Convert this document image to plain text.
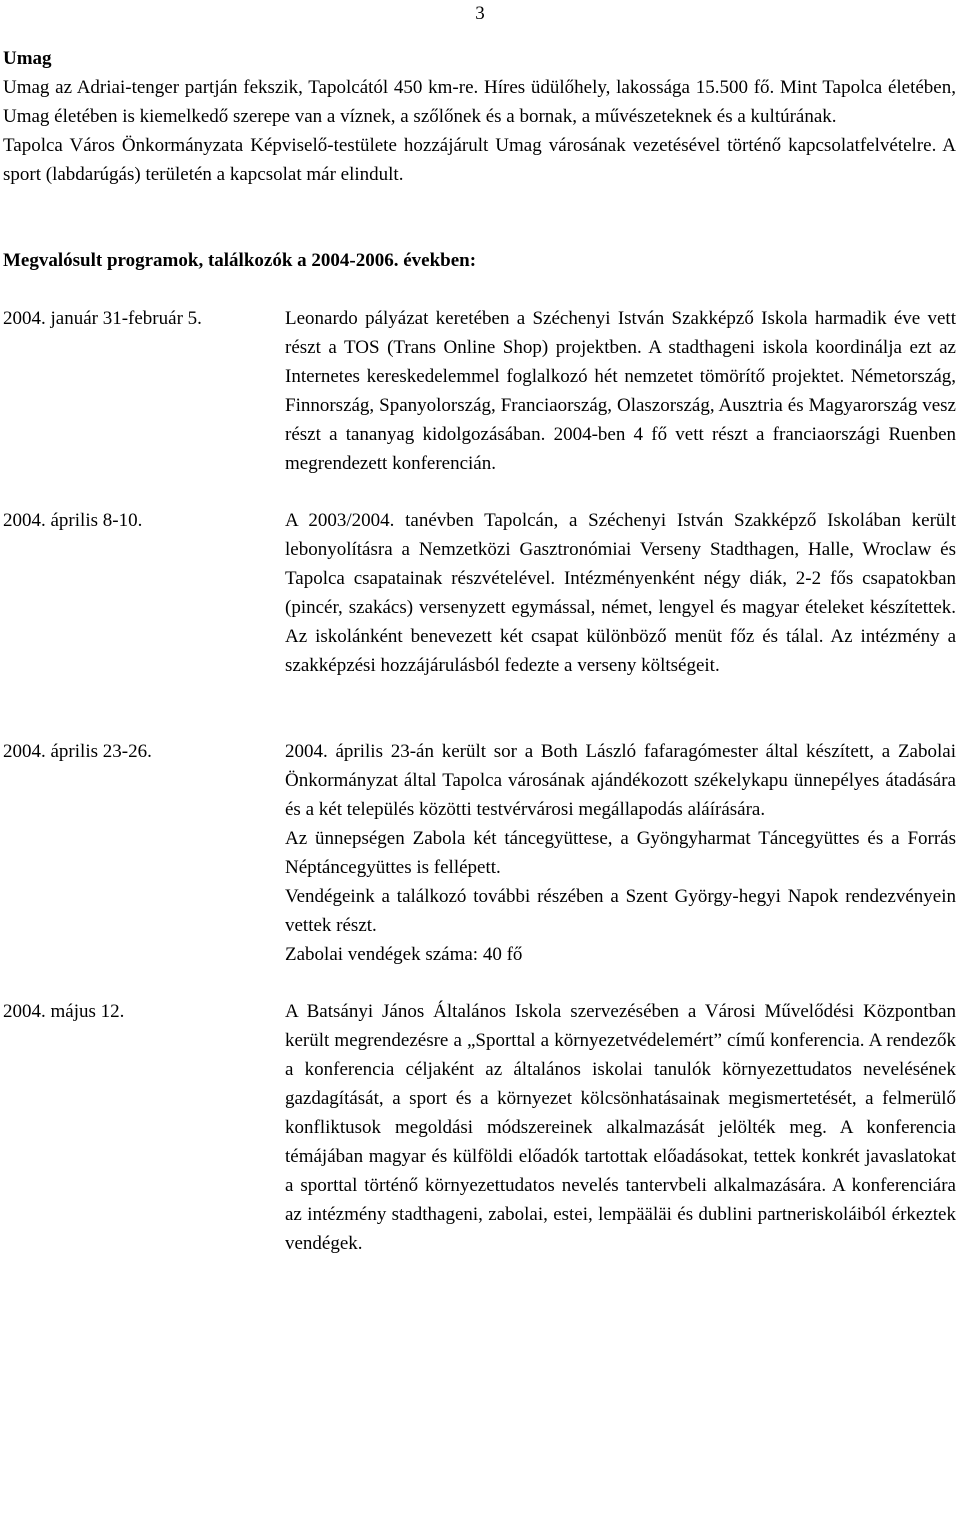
3
Umag

Umag az Adriai-tenger partján fekszik, Tapolcától 450 km-re. Híres üdülőhely, lakossága 15.500 fő. Mint Tapolca életében, Umag életében is kiemelkedő szerepe van a víznek, a szőlőnek és a bornak, a művészeteknek és a kultúrának.

Tapolca Város Önkormányzata Képviselő-testülete hozzájárult Umag városának vezetésével történő kapcsolatfelvételre. A sport (labdarúgás) területén a kapcsolat már elindult.

Megvalósult programok, találkozók a 2004-2006. években:
2004. január 31-február 5.	Leonardo pályázat keretében a Széchenyi István Szakképző Iskola harmadik éve vett részt a TOS (Trans Online Shop) projektben. A stadthageni iskola koordinálja ezt az Internetes kereskedelemmel foglalkozó hét nemzetet tömörítő projektet. Németország, Finnország, Spanyolország, Franciaország, Olaszország, Ausztria és Magyarország vesz részt a tananyag kidolgozásában. 2004-ben 4 fő vett részt a franciaországi Ruenben megrendezett konferencián.

2004. április 8-10.	A 2003/2004. tanévben Tapolcán, a Széchenyi István Szakképző Iskolában került lebonyolításra a Nemzetközi Gasztronómiai Verseny Stadthagen, Halle, Wroclaw és Tapolca csapatainak részvételével. Intézményenként négy diák, 2-2 fős csapatokban (pincér, szakács) versenyzett egymással, német, lengyel és magyar ételeket készítettek. Az iskolánként benevezett két csapat különböző menüt főz és tálal. Az intézmény a szakképzési hozzájárulásból fedezte a verseny költségeit.

2004. április 23-26.	2004. április 23-án került sor a Both László fafaragómester által készített, a Zabolai Önkormányzat által Tapolca városának ajándékozott székelykapu ünnepélyes átadására és a két település közötti testvérvárosi megállapodás aláírására.

Az ünnepségen Zabola két táncegyüttese, a Gyöngyharmat Táncegyüttes és a Forrás Néptáncegyüttes is fellépett.

Vendégeink a találkozó további részében a Szent György-hegyi Napok rendezvényein vettek részt.

Zabolai vendégek száma: 40 fő

2004. május 12.	A Batsányi János Általános Iskola szervezésében a Városi Művelődési Központban került megrendezésre a „Sporttal a környezetvédelemért” című konferencia. A rendezők a konferencia céljaként az általános iskolai tanulók környezettudatos nevelésének gazdagítását, a sport és a környezet kölcsönhatásainak megismertetését, a felmerülő konfliktusok megoldási módszereinek alkalmazását jelölték meg. A konferencia témájában magyar és külföldi előadók tartottak előadásokat, tettek konkrét javaslatokat a sporttal történő környezettudatos nevelés tantervbeli alkalmazására. A konferenciára az intézmény stadthageni, zabolai, estei, lempääläi és dublini partneriskoláiból érkeztek vendégek.
